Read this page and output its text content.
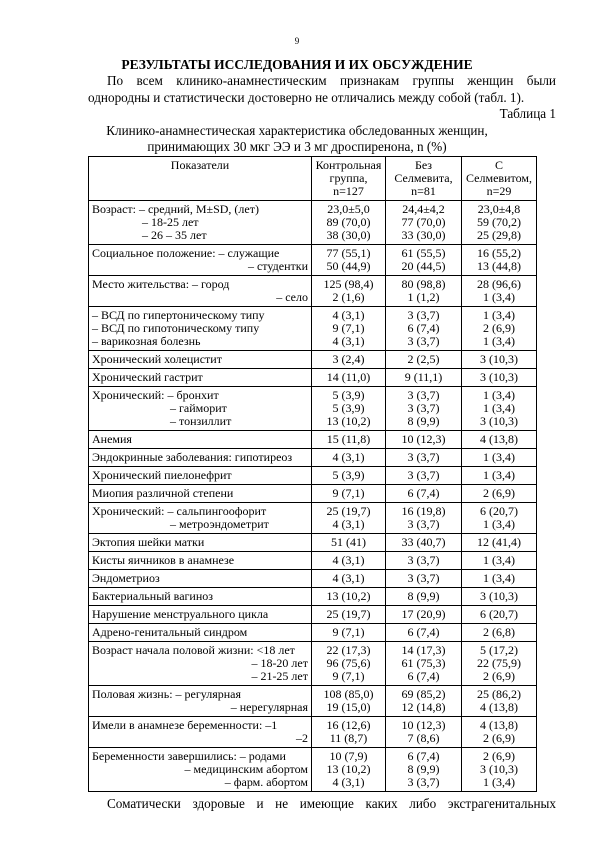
9
РЕЗУЛЬТАТЫ ИССЛЕДОВАНИЯ И ИХ ОБСУЖДЕНИЕ
По всем клинико-анамнестическим признакам группы женщин были
однородны и статистически достоверно не отличались между собой (табл. 1).
Таблица 1
Клинико-анамнестическая характеристика обследованных женщин,
принимающих 30 мкг ЭЭ и 3 мг дроспиренона, n (%)
Показатели	Контрольная
группа,
n=127	Без
Селмевита,
n=81	С
Селмевитом,
n=29

Возраст: – средний, M±SD, (лет)
– 18-25 лет
– 26 – 35 лет	23,0±5,0
89 (70,0)
38 (30,0)	24,4±4,2
77 (70,0)
33 (30,0)	23,0±4,8
59 (70,2)
25 (29,8)

Социальное положение: – служащие
– студентки	77 (55,1)
50 (44,9)	61 (55,5)
20 (44,5)	16 (55,2)
13 (44,8)

Место жительства: – город
– село	125 (98,4)
2 (1,6)	80 (98,8)
1 (1,2)	28 (96,6)
1 (3,4)

– ВСД по гипертоническому типу
– ВСД по гипотоническому типу
– варикозная болезнь	4 (3,1)
9 (7,1)
4 (3,1)	3 (3,7)
6 (7,4)
3 (3,7)	1 (3,4)
2 (6,9)
1 (3,4)

Хронический холецистит	3 (2,4)	2 (2,5)	3 (10,3)

Хронический гастрит	14 (11,0)	9 (11,1)	3 (10,3)

Хронический: – бронхит
– гайморит
– тонзиллит	5 (3,9)
5 (3,9)
13 (10,2)	3 (3,7)
3 (3,7)
8 (9,9)	1 (3,4)
1 (3,4)
3 (10,3)

Анемия	15 (11,8)	10 (12,3)	4 (13,8)

Эндокринные заболевания: гипотиреоз	4 (3,1)	3 (3,7)	1 (3,4)

Хронический пиелонефрит	5 (3,9)	3 (3,7)	1 (3,4)

Миопия различной степени	9 (7,1)	6 (7,4)	2 (6,9)

Хронический: – сальпингоофорит
– метроэндометрит	25 (19,7)
4 (3,1)	16 (19,8)
3 (3,7)	6 (20,7)
1 (3,4)

Эктопия шейки матки	51 (41)	33 (40,7)	12 (41,4)

Кисты яичников в анамнезе	4 (3,1)	3 (3,7)	1 (3,4)

Эндометриоз	4 (3,1)	3 (3,7)	1 (3,4)

Бактериальный вагиноз	13 (10,2)	8 (9,9)	3 (10,3)

Нарушение менструального цикла	25 (19,7)	17 (20,9)	6 (20,7)

Адрено-генитальный синдром	9 (7,1)	6 (7,4)	2 (6,8)

Возраст начала половой жизни: <18 лет
– 18-20 лет
– 21-25 лет	22 (17,3)
96 (75,6)
9 (7,1)	14 (17,3)
61 (75,3)
6 (7,4)	5 (17,2)
22 (75,9)
2 (6,9)

Половая жизнь: – регулярная
– нерегулярная	108 (85,0)
19 (15,0)	69 (85,2)
12 (14,8)	25 (86,2)
4 (13,8)

Имели в анамнезе беременности: –1
–2	16 (12,6)
11 (8,7)	10 (12,3)
7 (8,6)	4 (13,8)
2 (6,9)

Беременности завершились: – родами
– медицинским абортом
– фарм. абортом	10 (7,9)
13 (10,2)
4 (3,1)	6 (7,4)
8 (9,9)
3 (3,7)	2 (6,9)
3 (10,3)
1 (3,4)
Соматически здоровые и не имеющие каких либо экстрагенитальных
